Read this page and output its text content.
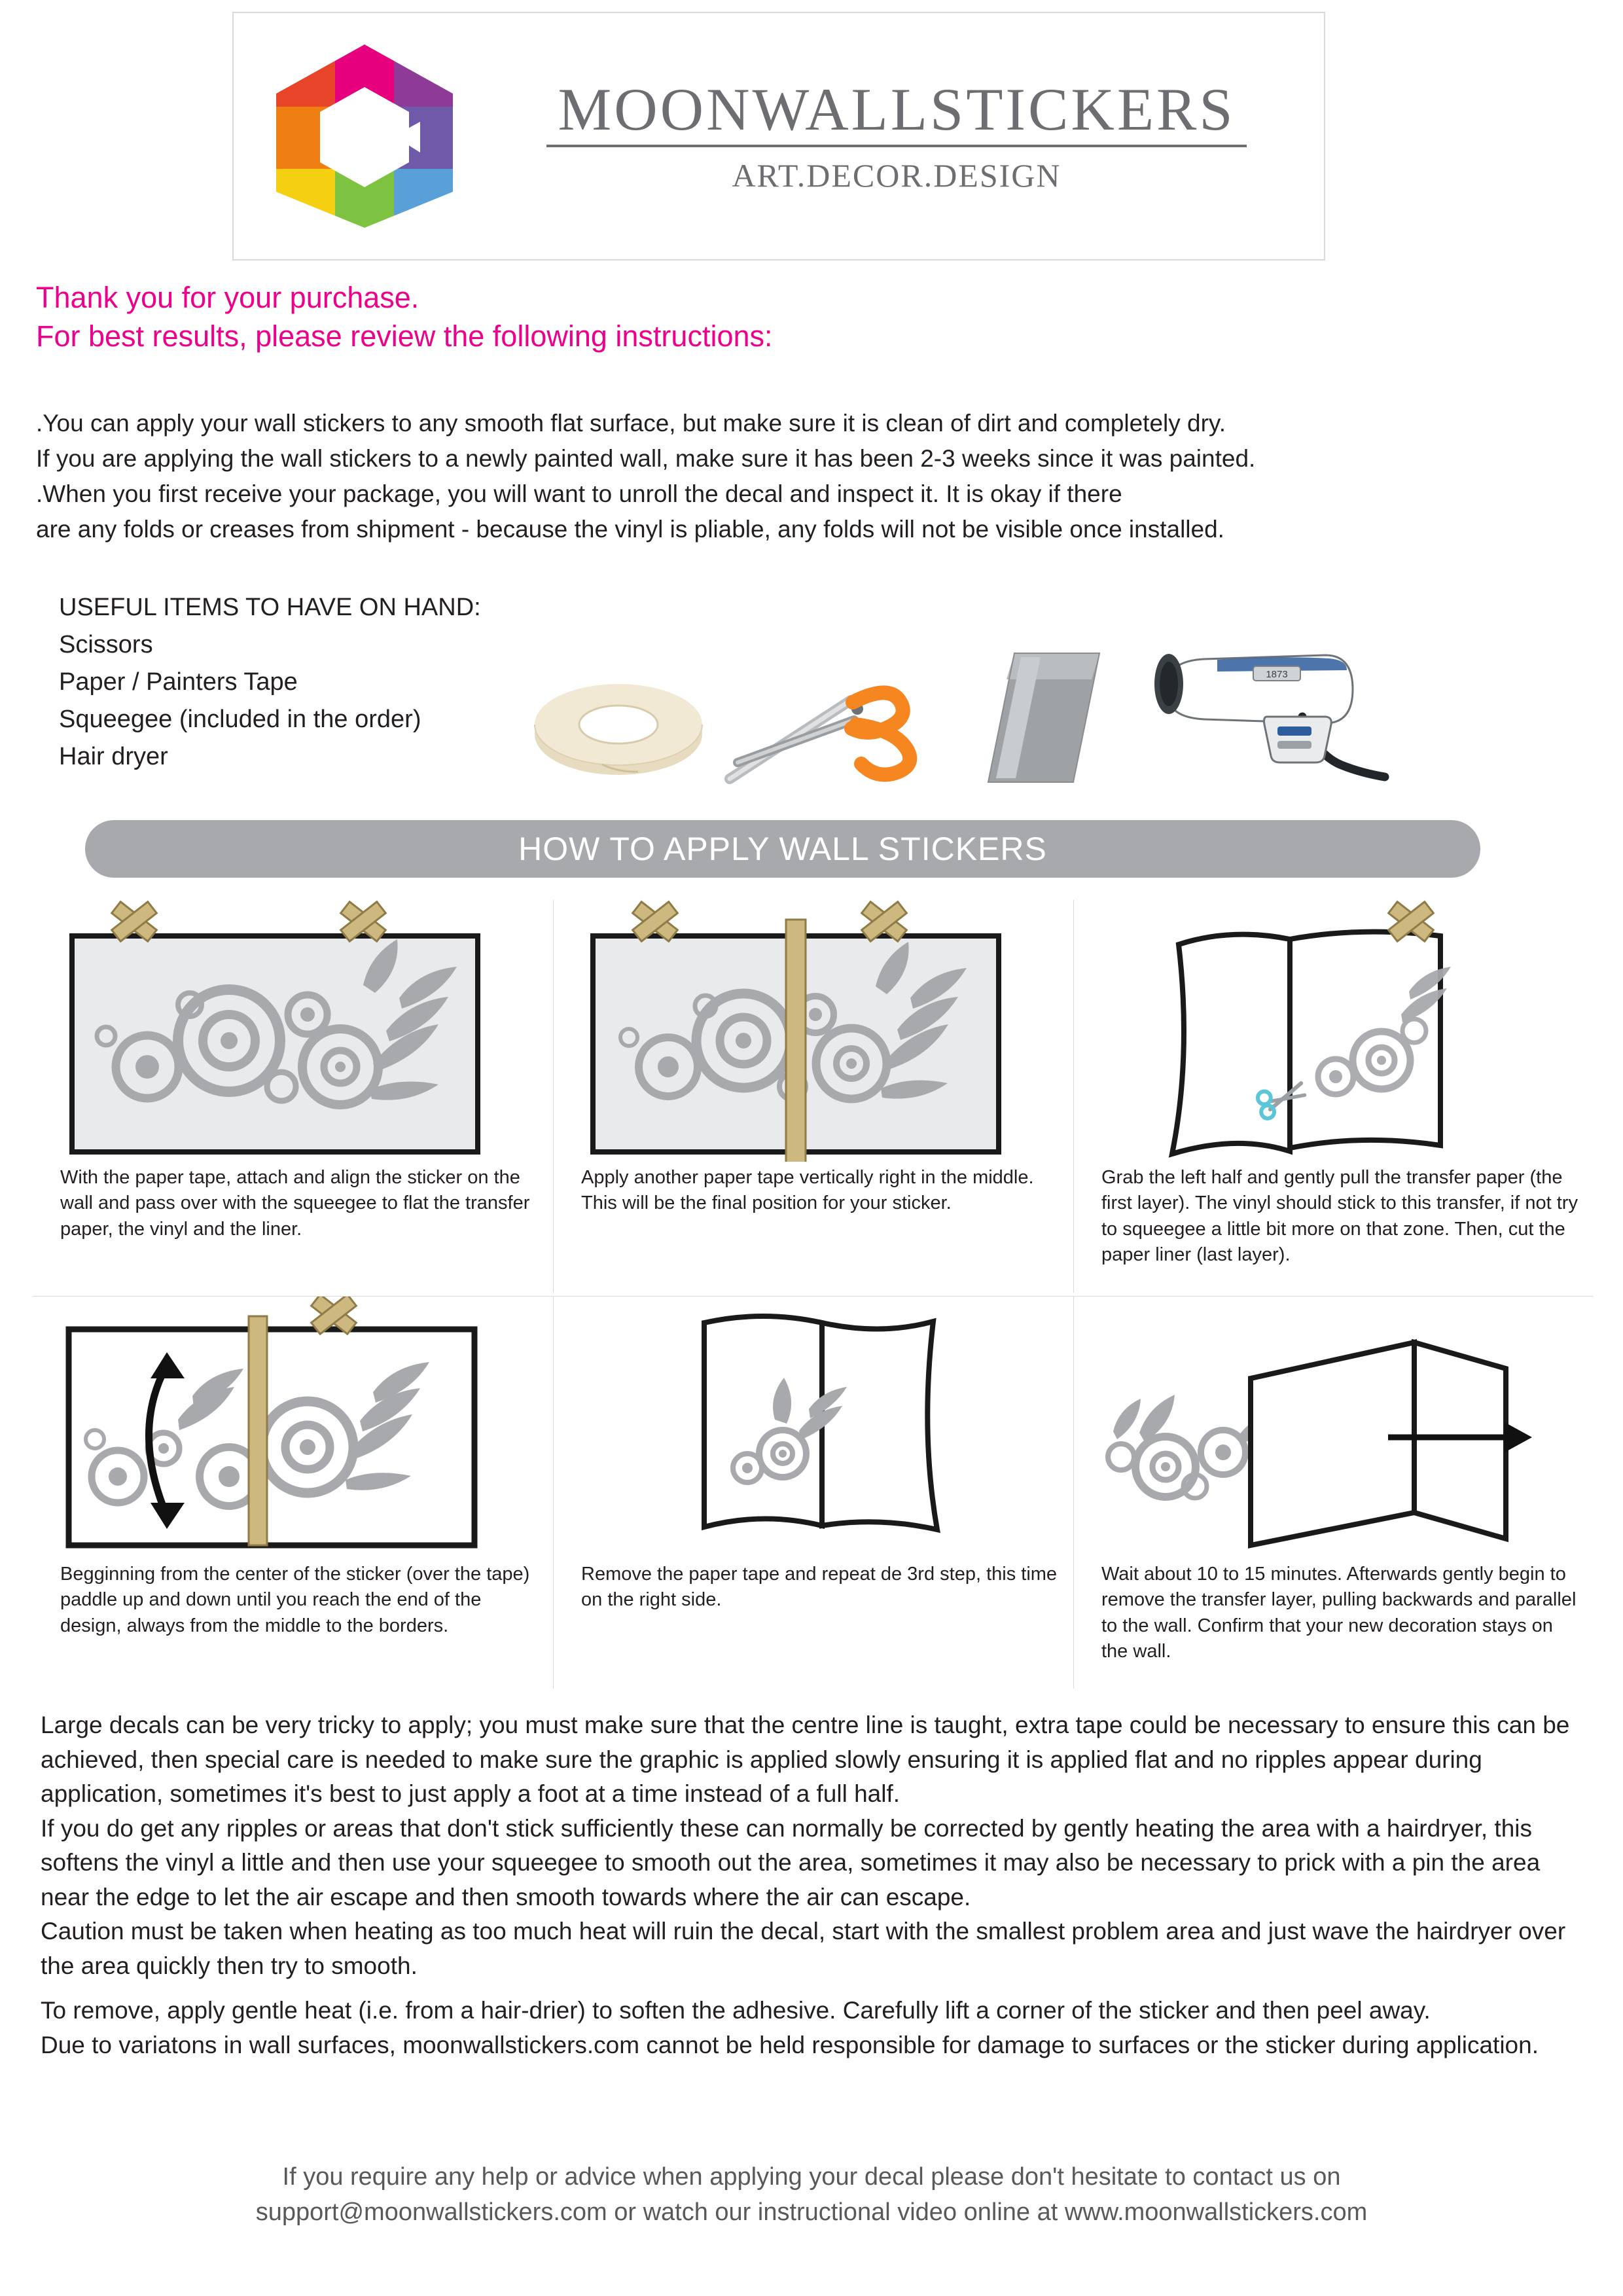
MOONWALLSTICKERS
ART.DECOR.DESIGN
Thank you for your purchase.
For best results, please review the following instructions:
.You can apply your wall stickers to any smooth flat surface, but make sure it is clean of dirt and completely dry.
If you are applying the wall stickers to a newly painted wall, make sure it has been 2-3 weeks since it was painted.
.When you first receive your package, you will want to unroll the decal and inspect it. It is okay if there
are any folds or creases from shipment - because the vinyl is pliable, any folds will not be visible once installed.
USEFUL ITEMS TO HAVE ON HAND:
Scissors
Paper / Painters Tape
Squeegee (included in the order)
Hair dryer
1873
HOW TO APPLY WALL STICKERS
With the paper tape, attach and align the sticker on the wall and pass over with the squeegee to flat the transfer paper, the vinyl and the liner.
Apply another paper tape vertically right in the middle. This will be the final position for your sticker.
Grab the left half and gently pull the transfer paper (the first layer). The vinyl should stick to this transfer, if not try to squeegee a little bit more on that zone. Then, cut the paper liner (last layer).
Begginning from the center of the sticker (over the tape) paddle up and down until you reach the end of the design, always from the middle to the borders.
Remove the paper tape and repeat de 3rd step, this time on the right side.
Wait about 10 to 15 minutes. Afterwards gently begin to remove the transfer layer, pulling backwards and parallel to the wall. Confirm that your new decoration stays on the wall.

Large decals can be very tricky to apply; you must make sure that the centre line is taught, extra tape could be necessary to ensure this can be achieved, then special care is needed to make sure the graphic is applied slowly ensuring it is applied flat and no ripples appear during application, sometimes it's best to just apply a foot at a time instead of a full half.

If you do get any ripples or areas that don't stick sufficiently these can normally be corrected by gently heating the area with a hairdryer, this softens the vinyl a little and then use your squeegee to smooth out the area, sometimes it may also be necessary to prick with a pin the area near the edge to let the air escape and then smooth towards where the air can escape.

Caution must be taken when heating as too much heat will ruin the decal, start with the smallest problem area and just wave the hairdryer over the area quickly then try to smooth.

To remove, apply gentle heat (i.e. from a hair-drier) to soften the adhesive. Carefully lift a corner of the sticker and then peel away.

Due to variatons in wall surfaces, moonwallstickers.com cannot be held responsible for damage to surfaces or the sticker during application.

If you require any help or advice when applying your decal please don't hesitate to contact us on
support@moonwallstickers.com or watch our instructional video online at www.moonwallstickers.com
